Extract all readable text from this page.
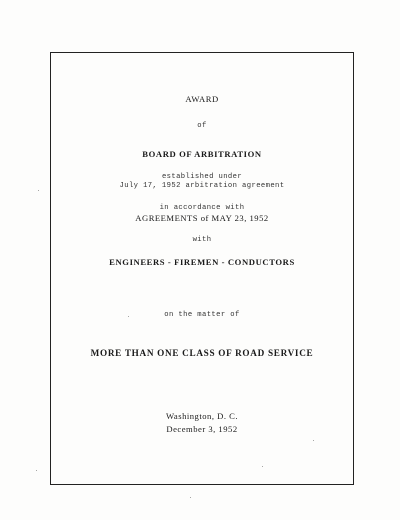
AWARD
of
BOARD OF ARBITRATION
established under
July 17, 1952 arbitration agreement
in accordance with
AGREEMENTS of MAY 23, 1952
with
ENGINEERS - FIREMEN - CONDUCTORS
on the matter of
MORE THAN ONE CLASS OF ROAD SERVICE
Washington, D. C.
December 3, 1952
